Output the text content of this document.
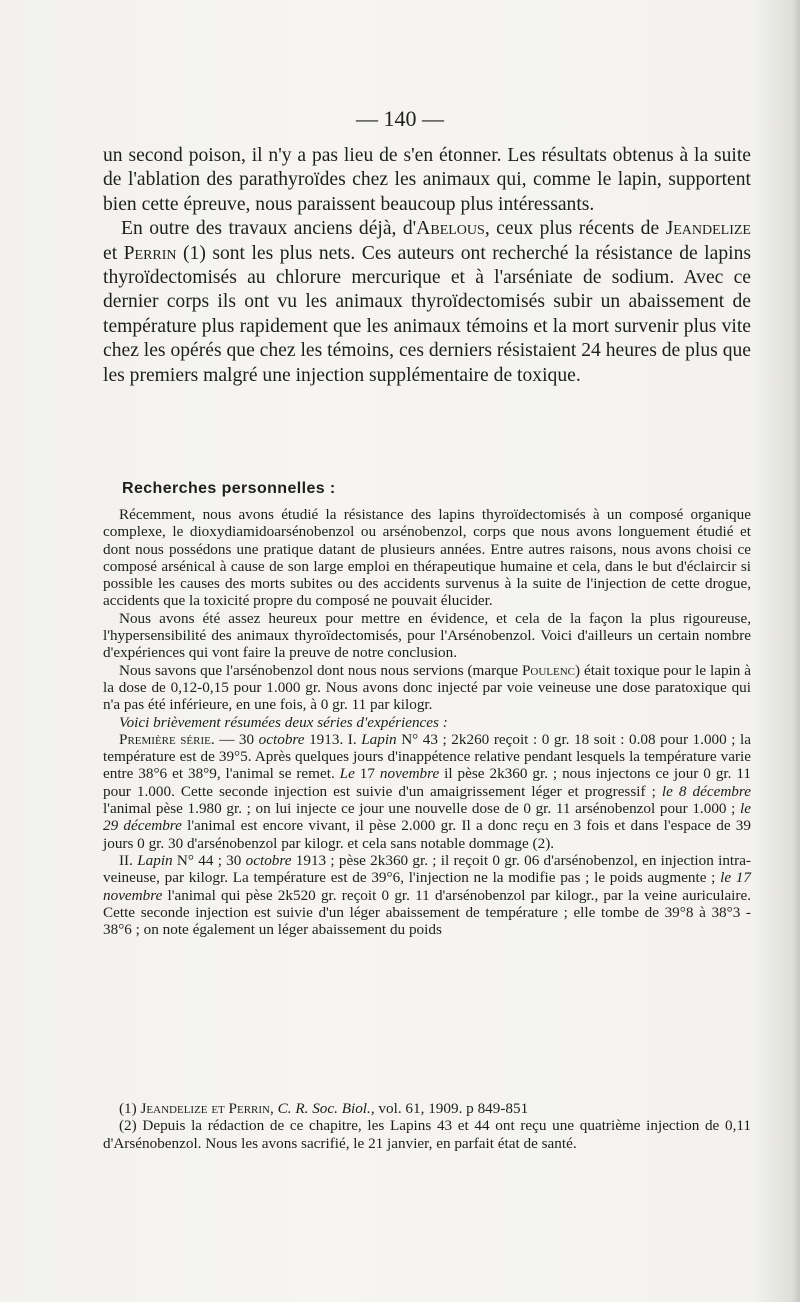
— 140 —

un second poison, il n'y a pas lieu de s'en étonner. Les résultats obtenus à la suite de l'ablation des parathyroïdes chez les animaux qui, comme le lapin, supportent bien cette épreuve, nous paraissent beaucoup plus intéressants.

En outre des travaux anciens déjà, d'Abelous, ceux plus récents de Jeandelize et Perrin (1) sont les plus nets. Ces auteurs ont recherché la résistance de lapins thyroïdectomisés au chlorure mercurique et à l'arséniate de sodium. Avec ce dernier corps ils ont vu les animaux thyroïdectomisés subir un abaissement de température plus rapidement que les animaux témoins et la mort survenir plus vite chez les opérés que chez les témoins, ces derniers résistaient 24 heures de plus que les premiers malgré une injection supplémentaire de toxique.

Recherches personnelles :

Récemment, nous avons étudié la résistance des lapins thyroïdectomisés à un composé organique complexe, le dioxydiamidoarsénobenzol ou arsénobenzol, corps que nous avons longuement étudié et dont nous possédons une pratique datant de plusieurs années. Entre autres raisons, nous avons choisi ce composé arsénical à cause de son large emploi en thérapeutique humaine et cela, dans le but d'éclaircir si possible les causes des morts subites ou des accidents survenus à la suite de l'injection de cette drogue, accidents que la toxicité propre du composé ne pouvait élucider.

Nous avons été assez heureux pour mettre en évidence, et cela de la façon la plus rigoureuse, l'hypersensibilité des animaux thyroïdectomisés, pour l'Arsénobenzol. Voici d'ailleurs un certain nombre d'expériences qui vont faire la preuve de notre conclusion.

Nous savons que l'arsénobenzol dont nous nous servions (marque Poulenc) était toxique pour le lapin à la dose de 0,12-0,15 pour 1.000 gr. Nous avons donc injecté par voie veineuse une dose paratoxique qui n'a pas été inférieure, en une fois, à 0 gr. 11 par kilogr.

Voici brièvement résumées deux séries d'expériences :

Première série. — 30 octobre 1913. I. Lapin N° 43 ; 2k260 reçoit : 0 gr. 18 soit : 0.08 pour 1.000 ; la température est de 39°5. Après quelques jours d'inappétence relative pendant lesquels la température varie entre 38°6 et 38°9, l'animal se remet. Le 17 novembre il pèse 2k360 gr. ; nous injectons ce jour 0 gr. 11 pour 1.000. Cette seconde injection est suivie d'un amaigrissement léger et progressif ; le 8 décembre l'animal pèse 1.980 gr. ; on lui injecte ce jour une nouvelle dose de 0 gr. 11 arsénobenzol pour 1.000 ; le 29 décembre l'animal est encore vivant, il pèse 2.000 gr. Il a donc reçu en 3 fois et dans l'espace de 39 jours 0 gr. 30 d'arsénobenzol par kilogr. et cela sans notable dommage (2).

II. Lapin N° 44 ; 30 octobre 1913 ; pèse 2k360 gr. ; il reçoit 0 gr. 06 d'arsénobenzol, en injection intra-veineuse, par kilogr. La température est de 39°6, l'injection ne la modifie pas ; le poids augmente ; le 17 novembre l'animal qui pèse 2k520 gr. reçoit 0 gr. 11 d'arsénobenzol par kilogr., par la veine auriculaire. Cette seconde injection est suivie d'un léger abaissement de température ; elle tombe de 39°8 à 38°3 - 38°6 ; on note également un léger abaissement du poids

(1) Jeandelize et Perrin, C. R. Soc. Biol., vol. 61, 1909. p 849-851

(2) Depuis la rédaction de ce chapitre, les Lapins 43 et 44 ont reçu une quatrième injection de 0,11 d'Arsénobenzol. Nous les avons sacrifié, le 21 janvier, en parfait état de santé.
